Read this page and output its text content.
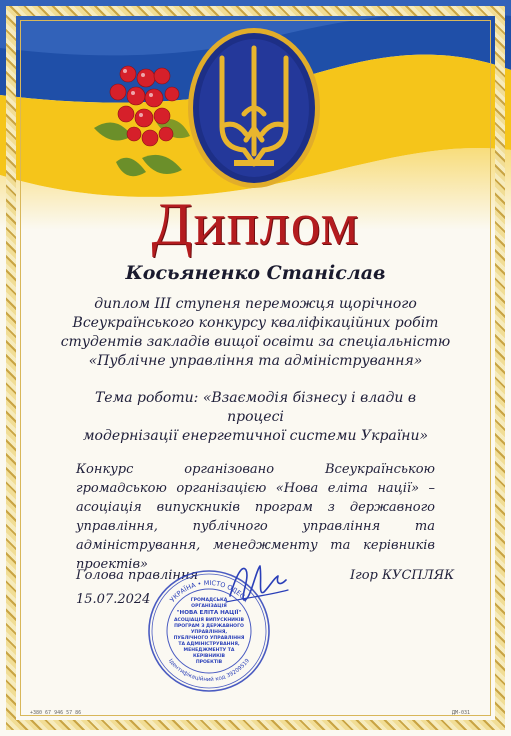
Диплом
Косьяненко Станіслав
диплом III ступеня переможця щорічного
Всеукраїнського конкурсу кваліфікаційних робіт
студентів закладів вищої освіти за спеціальністю
«Публічне управління та адміністрування»
Тема роботи: «Взаємодія бізнесу і влади в процесі
модернізації енергетичної системи України»
Конкурс організовано Всеукраїнською громадською організацією «Нова еліта нації» – асоціація випускників програм з державного управління, публічного управління та адміністрування, менеджменту та керівників проектів»
Голова правління
15.07.2024
Ігор КУСПЛЯК
УКРАЇНА • МІСТО ОДЕСА
Ідентифікаційний код 39209519
ГРОМАДСЬКА
ОРГАНІЗАЦІЯ
"НОВА ЕЛІТА НАЦІЇ"
АСОЦІАЦІЯ ВИПУСКНИКІВ
ПРОГРАМ З ДЕРЖАВНОГО
УПРАВЛІННЯ,
ПУБЛІЧНОГО УПРАВЛІННЯ
ТА АДМІНІСТРУВАННЯ,
МЕНЕДЖМЕНТУ ТА
КЕРІВНИКІВ
ПРОЕКТІВ
+380 67 946 57 86	ДМ-031
